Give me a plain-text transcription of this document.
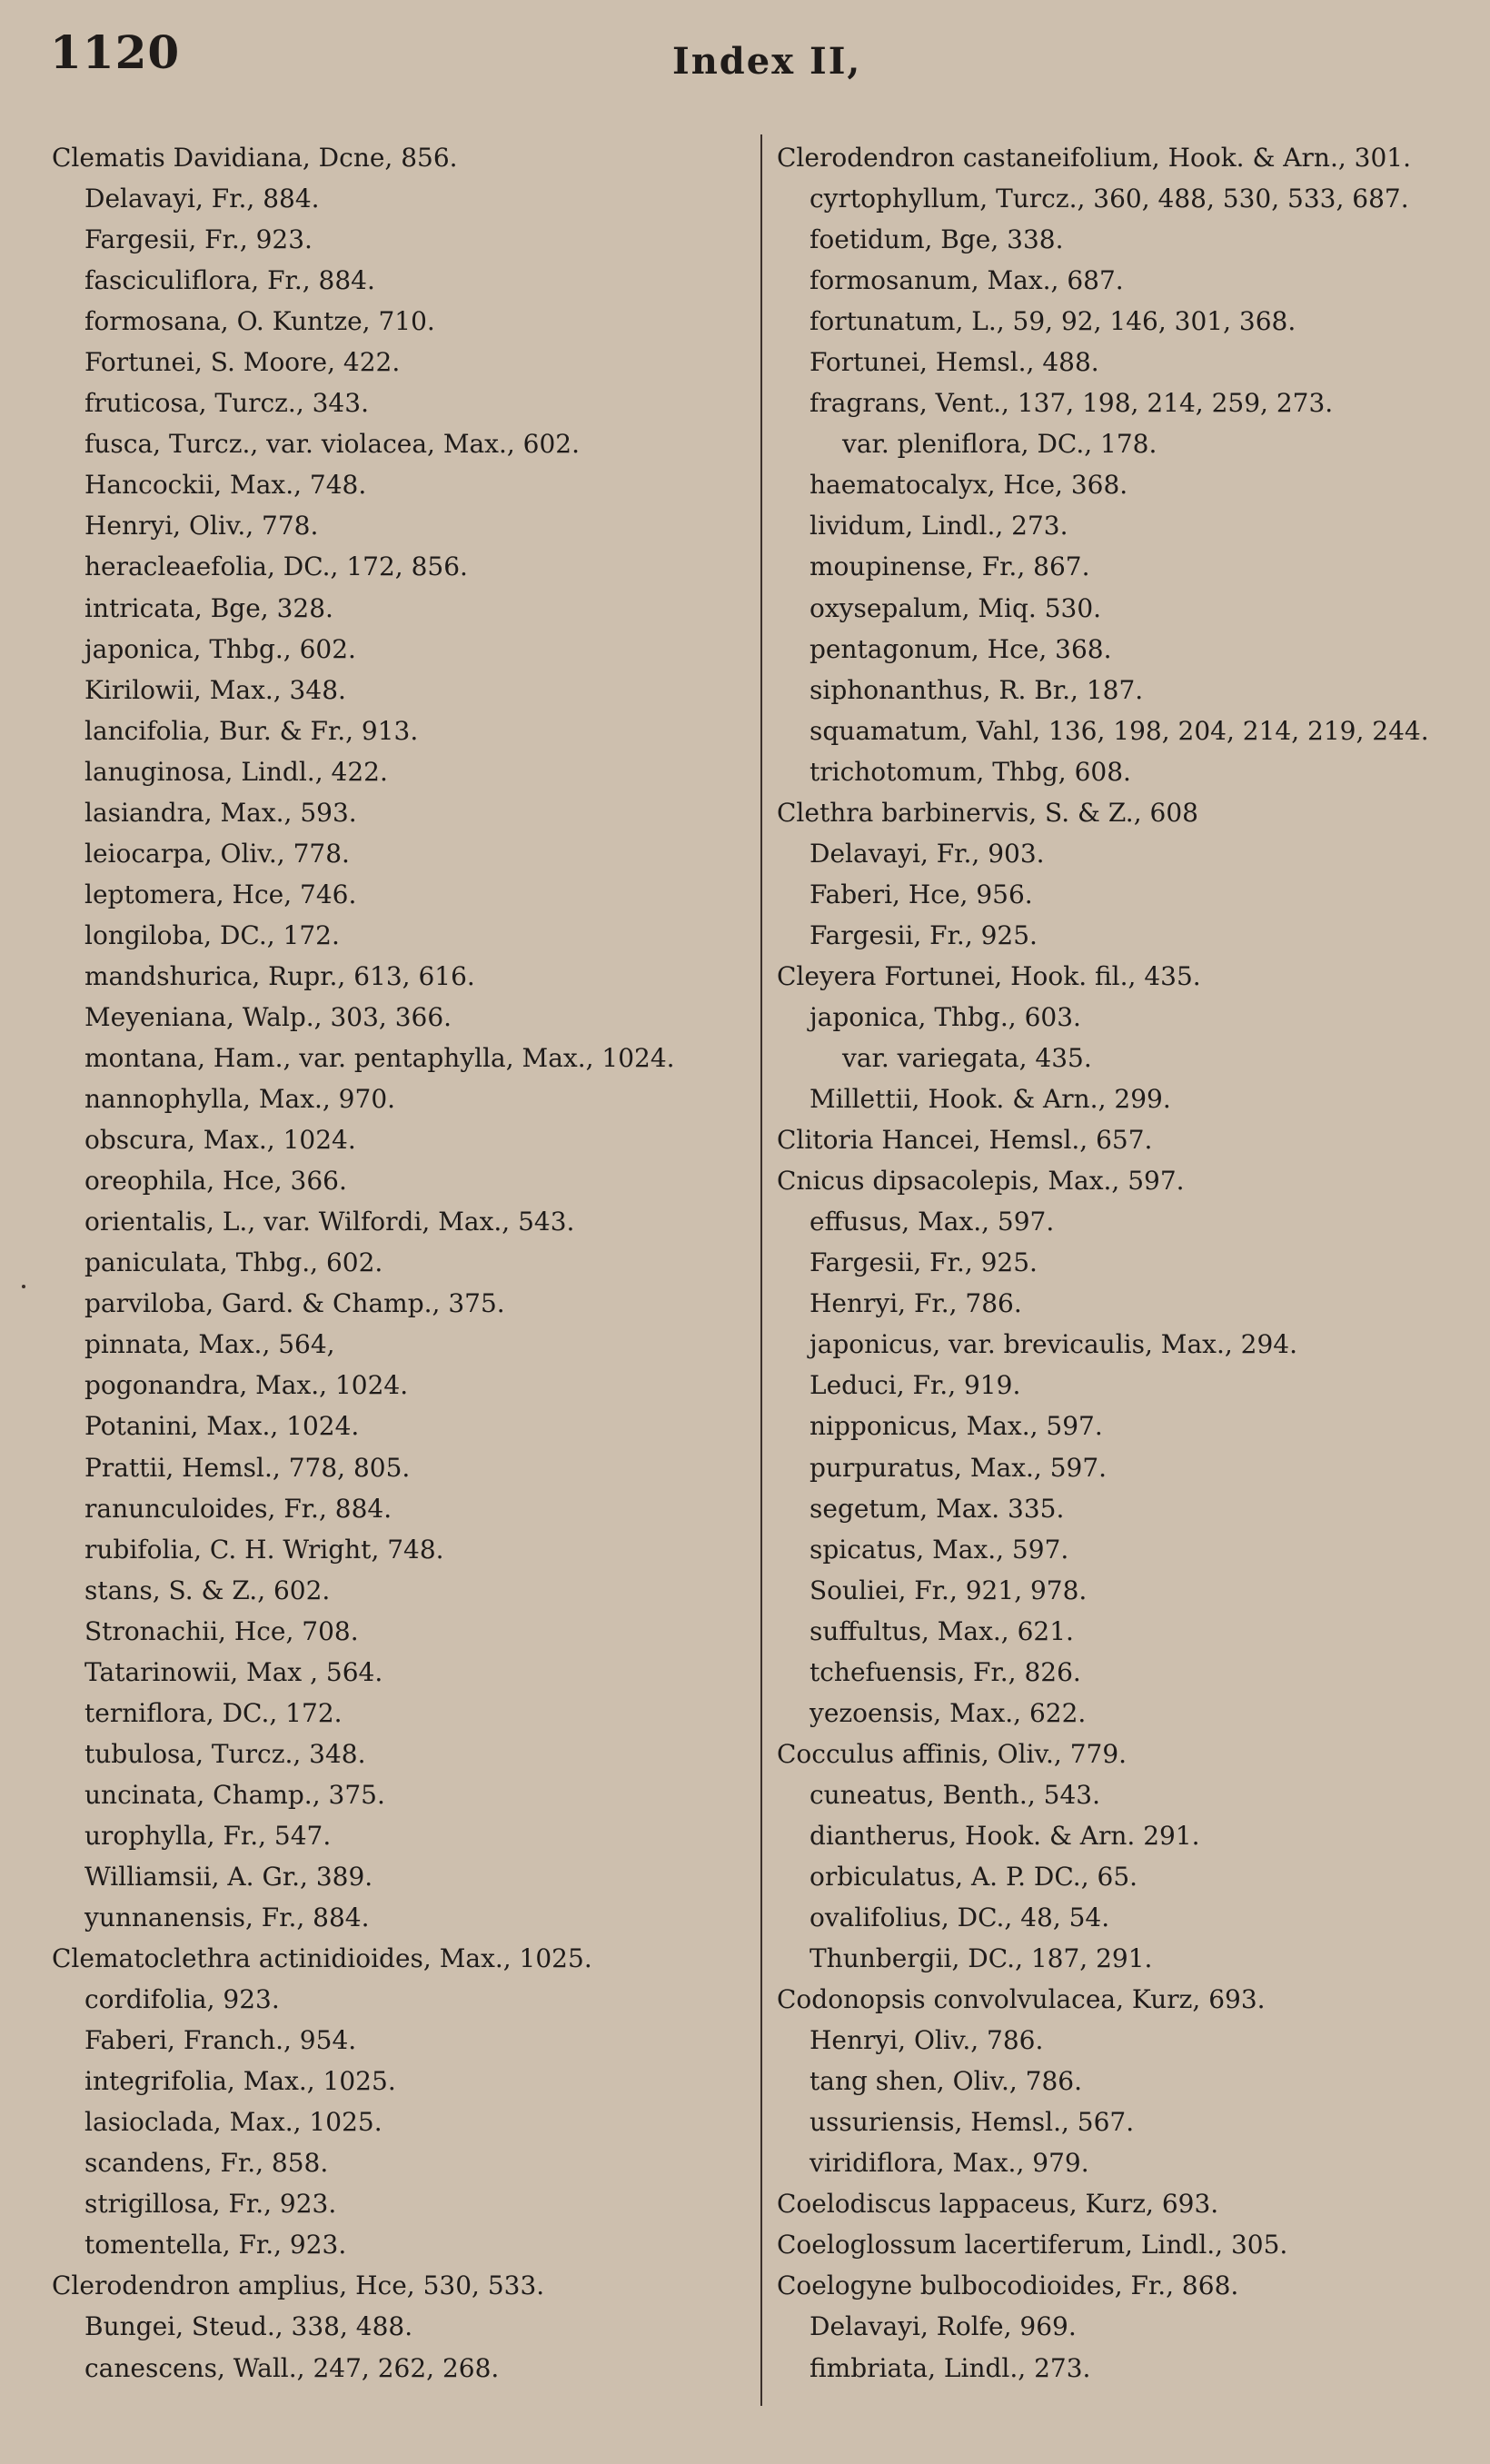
1120	Index II,
Clematis Davidiana, Dcne, 856.
Delavayi, Fr., 884.
Fargesii, Fr., 923.
fasciculiflora, Fr., 884.
formosana, O. Kuntze, 710.
Fortunei, S. Moore, 422.
fruticosa, Turcz., 343.
fusca, Turcz., var. violacea, Max., 602.
Hancockii, Max., 748.
Henryi, Oliv., 778.
heracleaefolia, DC., 172, 856.
intricata, Bge, 328.
japonica, Thbg., 602.
Kirilowii, Max., 348.
lancifolia, Bur. & Fr., 913.
lanuginosa, Lindl., 422.
lasiandra, Max., 593.
leiocarpa, Oliv., 778.
leptomera, Hce, 746.
longiloba, DC., 172.
mandshurica, Rupr., 613, 616.
Meyeniana, Walp., 303, 366.
montana, Ham., var. pentaphylla, Max., 1024.
nannophylla, Max., 970.
obscura, Max., 1024.
oreophila, Hce, 366.
orientalis, L., var. Wilfordi, Max., 543.
paniculata, Thbg., 602.
parviloba, Gard. & Champ., 375.
pinnata, Max., 564,
pogonandra, Max., 1024.
Potanini, Max., 1024.
Prattii, Hemsl., 778, 805.
ranunculoides, Fr., 884.
rubifolia, C. H. Wright, 748.
stans, S. & Z., 602.
Stronachii, Hce, 708.
Tatarinowii, Max , 564.
terniflora, DC., 172.
tubulosa, Turcz., 348.
uncinata, Champ., 375.
urophylla, Fr., 547.
Williamsii, A. Gr., 389.
yunnanensis, Fr., 884.
Clematoclethra actinidioides, Max., 1025.
cordifolia, 923.
Faberi, Franch., 954.
integrifolia, Max., 1025.
lasioclada, Max., 1025.
scandens, Fr., 858.
strigillosa, Fr., 923.
tomentella, Fr., 923.
Clerodendron amplius, Hce, 530, 533.
Bungei, Steud., 338, 488.
canescens, Wall., 247, 262, 268.
Clerodendron castaneifolium, Hook. & Arn., 301.
cyrtophyllum, Turcz., 360, 488, 530, 533, 687.
foetidum, Bge, 338.
formosanum, Max., 687.
fortunatum, L., 59, 92, 146, 301, 368.
Fortunei, Hemsl., 488.
fragrans, Vent., 137, 198, 214, 259, 273.
var. pleniflora, DC., 178.
haematocalyx, Hce, 368.
lividum, Lindl., 273.
moupinense, Fr., 867.
oxysepalum, Miq. 530.
pentagonum, Hce, 368.
siphonanthus, R. Br., 187.
squamatum, Vahl, 136, 198, 204, 214, 219, 244.
trichotomum, Thbg, 608.
Clethra barbinervis, S. & Z., 608
Delavayi, Fr., 903.
Faberi, Hce, 956.
Fargesii, Fr., 925.
Cleyera Fortunei, Hook. fil., 435.
japonica, Thbg., 603.
var. variegata, 435.
Millettii, Hook. & Arn., 299.
Clitoria Hancei, Hemsl., 657.
Cnicus dipsacolepis, Max., 597.
effusus, Max., 597.
Fargesii, Fr., 925.
Henryi, Fr., 786.
japonicus, var. brevicaulis, Max., 294.
Leduci, Fr., 919.
nipponicus, Max., 597.
purpuratus, Max., 597.
segetum, Max. 335.
spicatus, Max., 597.
Souliei, Fr., 921, 978.
suffultus, Max., 621.
tchefuensis, Fr., 826.
yezoensis, Max., 622.
Cocculus affinis, Oliv., 779.
cuneatus, Benth., 543.
diantherus, Hook. & Arn. 291.
orbiculatus, A. P. DC., 65.
ovalifolius, DC., 48, 54.
Thunbergii, DC., 187, 291.
Codonopsis convolvulacea, Kurz, 693.
Henryi, Oliv., 786.
tang shen, Oliv., 786.
ussuriensis, Hemsl., 567.
viridiflora, Max., 979.
Coelodiscus lappaceus, Kurz, 693.
Coeloglossum lacertiferum, Lindl., 305.
Coelogyne bulbocodioides, Fr., 868.
Delavayi, Rolfe, 969.
fimbriata, Lindl., 273.
